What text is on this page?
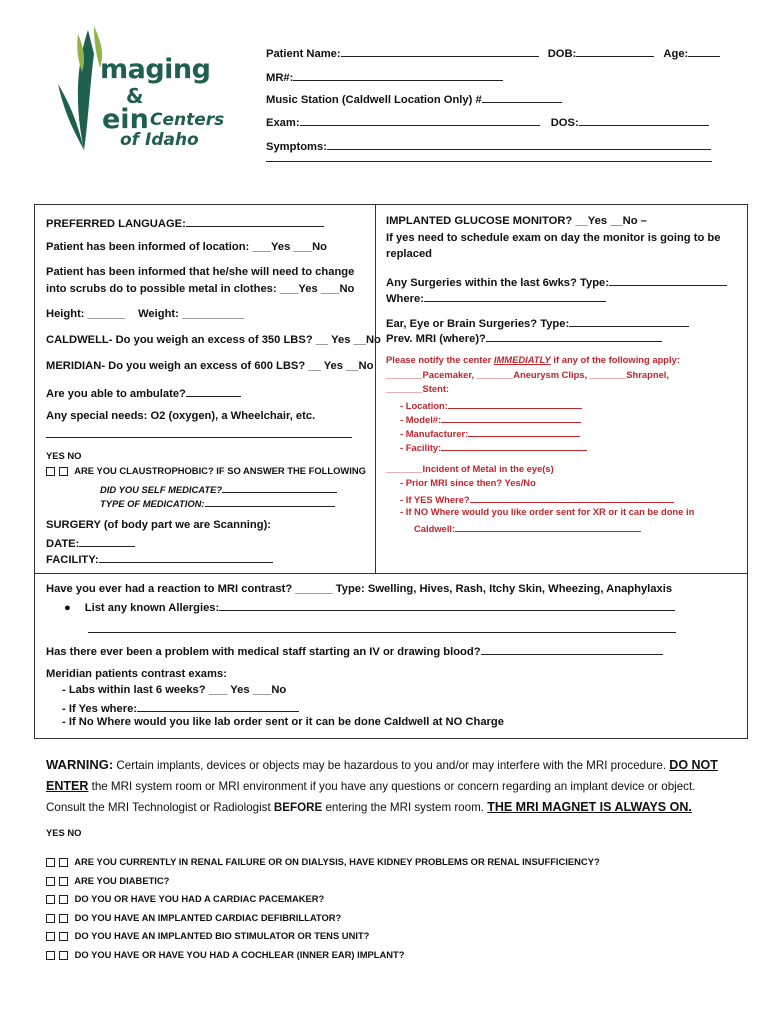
maging
&
ein Centers
of Idaho
Patient Name:	DOB:	Age:
MR#:
Music Station (Caldwell Location Only) #
Exam:	DOS:
Symptoms:
PREFERRED LANGUAGE:
Patient has been informed of location: ___Yes ___No
Patient has been informed that he/she will need to change
into scrubs do to possible metal in clothes: ___Yes ___No
Height: ______ Weight: __________
CALDWELL- Do you weigh an excess of 350 LBS? __ Yes __No
MERIDIAN- Do you weigh an excess of 600 LBS? __ Yes __No
Are you able to ambulate?
Any special needs: O2 (oxygen), a Wheelchair, etc.
YES NO
ARE YOU CLAUSTROPHOBIC? IF SO ANSWER THE FOLLOWING
DID YOU SELF MEDICATE?
TYPE OF MEDICATION:
SURGERY (of body part we are Scanning):
DATE:
FACILITY:
IMPLANTED GLUCOSE MONITOR? __Yes __No –
If yes need to schedule exam on day the monitor is going to be
replaced
Any Surgeries within the last 6wks? Type:
Where:
Ear, Eye or Brain Surgeries? Type:
Prev. MRI (where)?
Please notify the center IMMEDIATLY if any of the following apply:
_______Pacemaker, _______Aneurysm Clips, _______Shrapnel,
_______Stent:
- Location:
- Model#:
- Manufacturer:
- Facility:
_______Incident of Metal in the eye(s)
- Prior MRI since then? Yes/No
- If YES Where?
- If NO Where would you like order sent for XR or it can be done in
Caldwell:
Have you ever had a reaction to MRI contrast? ______ Type: Swelling, Hives, Rash, Itchy Skin, Wheezing, Anaphylaxis
● List any known Allergies:
Has there ever been a problem with medical staff starting an IV or drawing blood?
Meridian patients contrast exams:
- Labs within last 6 weeks? ___ Yes ___No
- If Yes where:
- If No Where would you like lab order sent or it can be done Caldwell at NO Charge
WARNING: Certain implants, devices or objects may be hazardous to you and/or may interfere with the MRI procedure. DO NOT
ENTER the MRI system room or MRI environment if you have any questions or concern regarding an implant device or object.
Consult the MRI Technologist or Radiologist BEFORE entering the MRI system room. THE MRI MAGNET IS ALWAYS ON.
YES NO
ARE YOU CURRENTLY IN RENAL FAILURE OR ON DIALYSIS, HAVE KIDNEY PROBLEMS OR RENAL INSUFFICIENCY?
ARE YOU DIABETIC?
DO YOU OR HAVE YOU HAD A CARDIAC PACEMAKER?
DO YOU HAVE AN IMPLANTED CARDIAC DEFIBRILLATOR?
DO YOU HAVE AN IMPLANTED BIO STIMULATOR OR TENS UNIT?
DO YOU HAVE OR HAVE YOU HAD A COCHLEAR (INNER EAR) IMPLANT?
